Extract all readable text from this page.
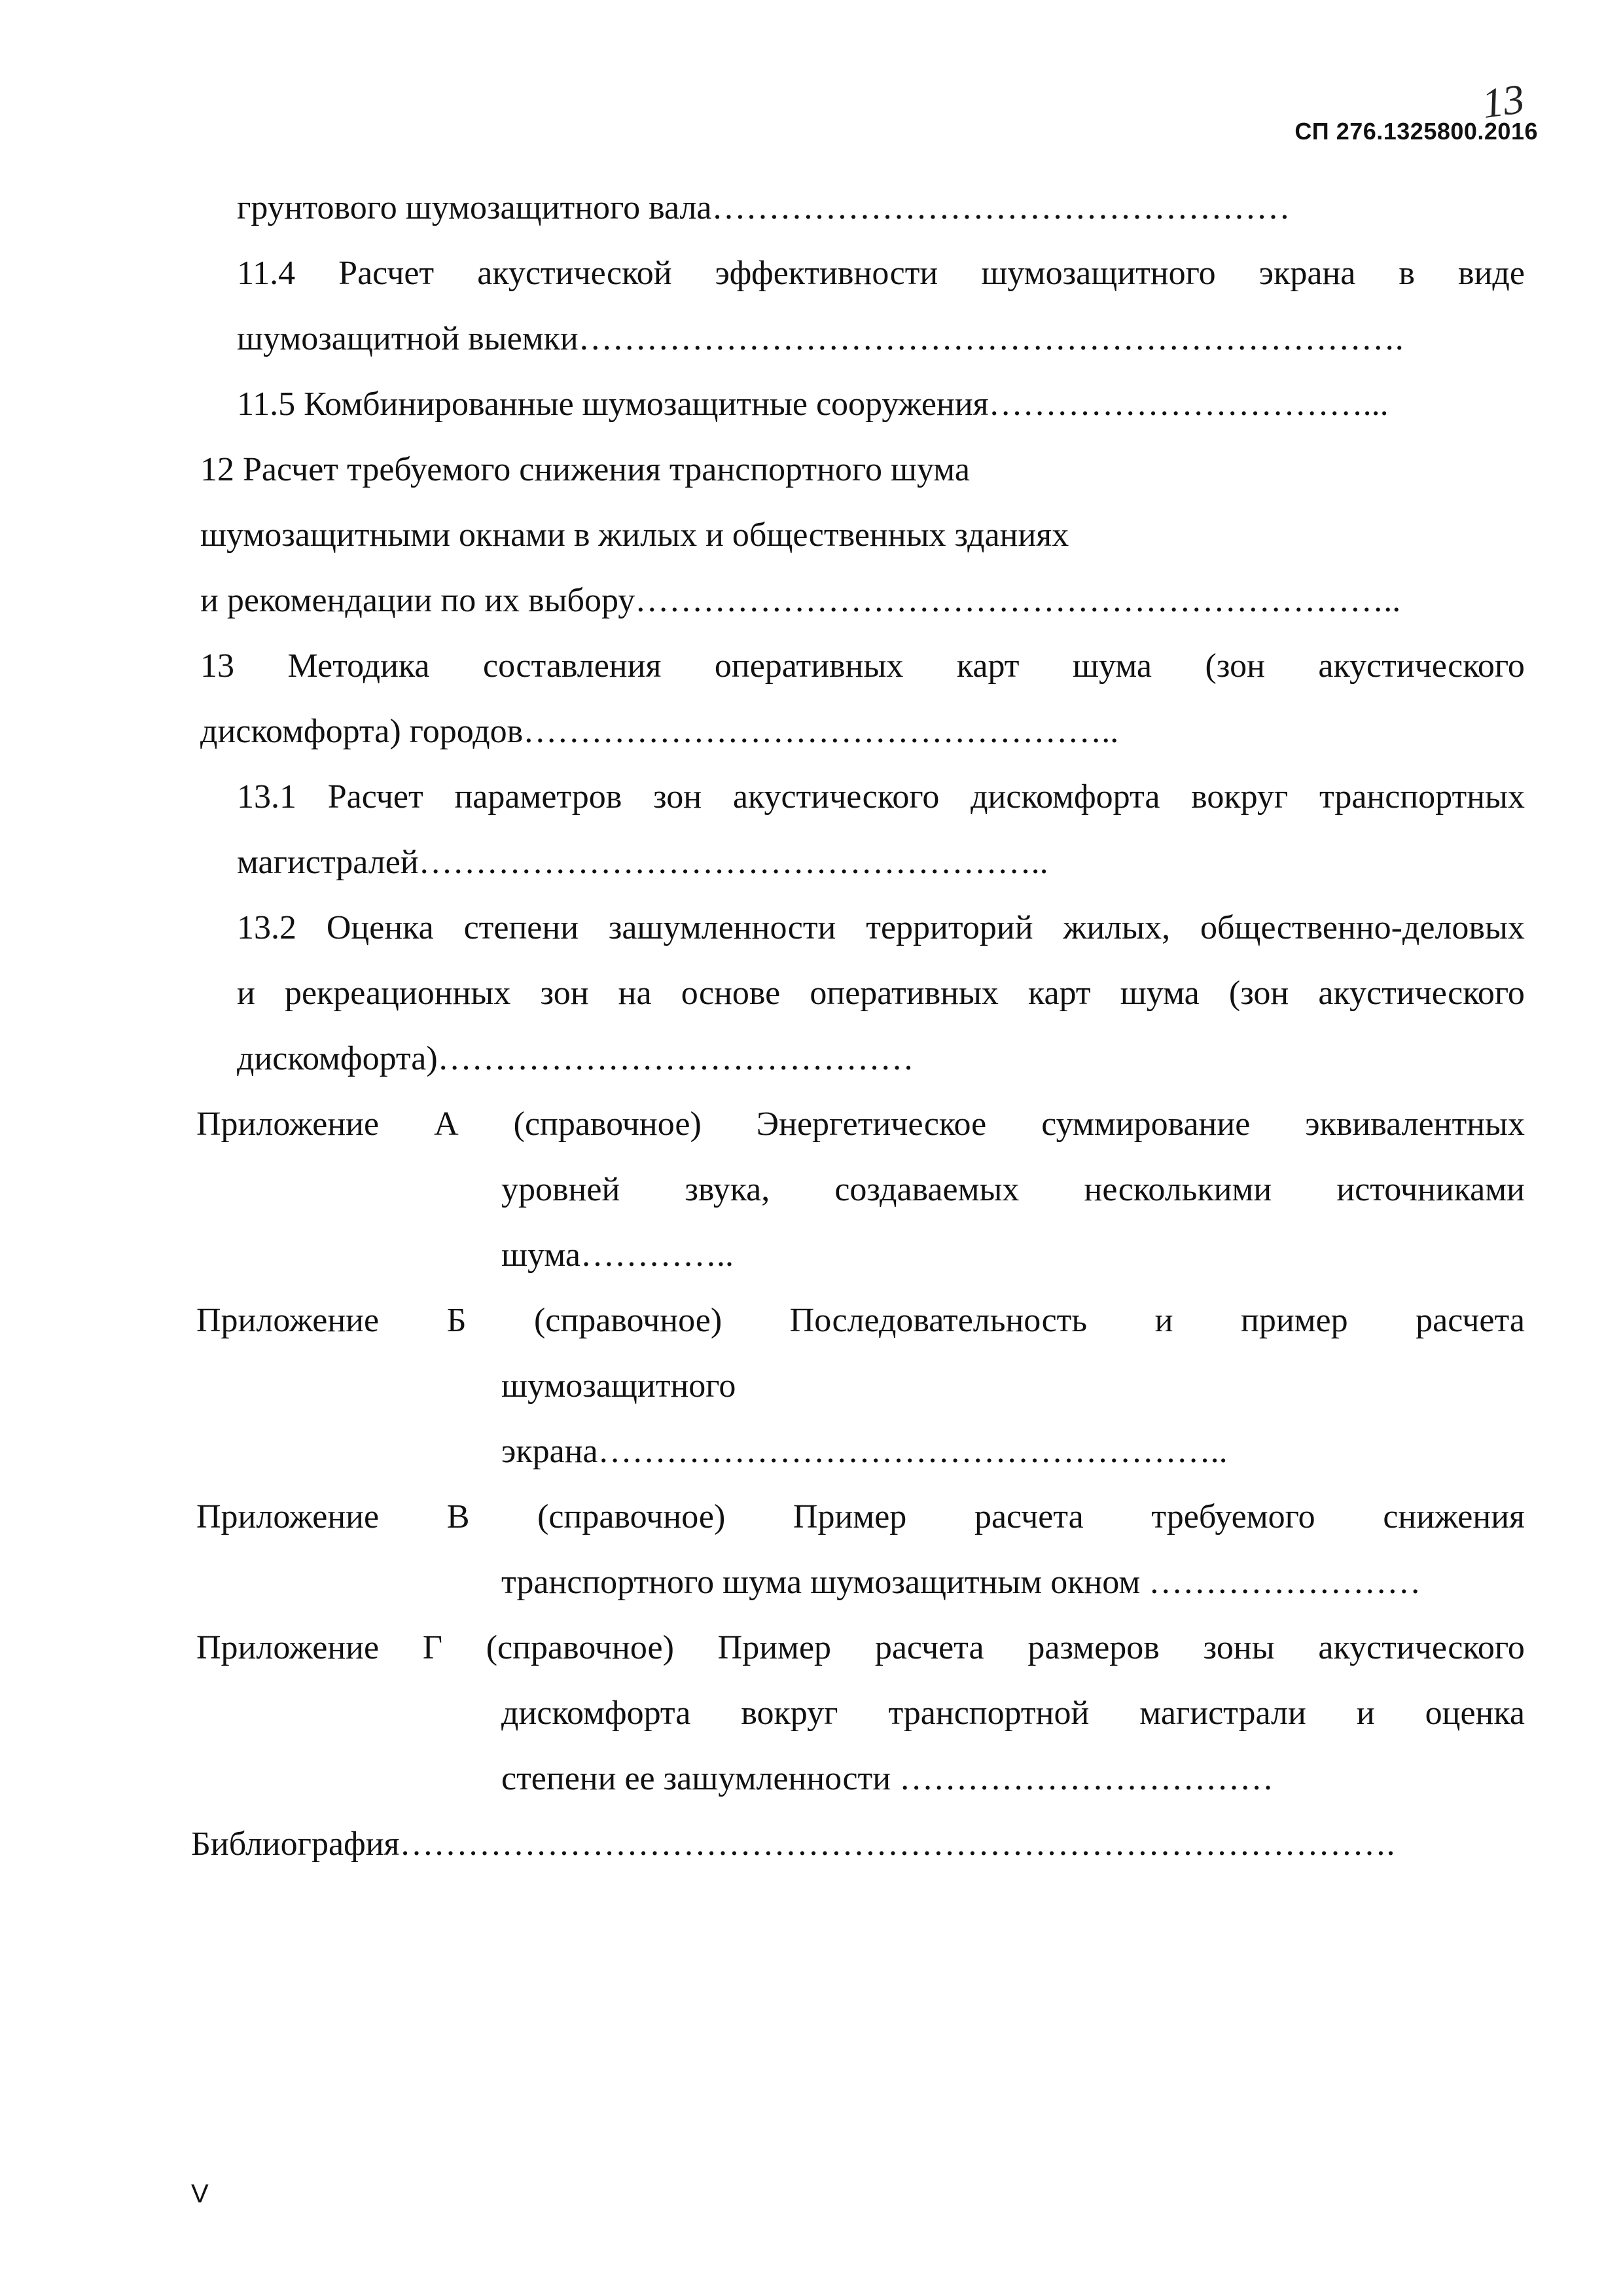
СП 276.1325800.2016
13
грунтового шумозащитного вала……………………………………………
11.4 Расчет акустической эффективности шумозащитного экрана в виде
шумозащитной выемки……………………………………………………………….
11.5 Комбинированные шумозащитные сооружения……………………………...
12 Расчет требуемого снижения транспортного шума
шумозащитными окнами в жилых и общественных зданиях
и рекомендации по их выбору…………………………………………………………..
13 Методика составления оперативных карт шума (зон акустического
дискомфорта) городов……………………………………………..
13.1 Расчет параметров зон акустического дискомфорта вокруг транспортных
магистралей………………………………………………..
13.2 Оценка степени зашумленности территорий жилых, общественно-деловых
и рекреационных зон на основе оперативных карт шума (зон акустического
дискомфорта)……………………………………
Приложение А (справочное) Энергетическое суммирование эквивалентных
уровней звука, создаваемых несколькими источниками
шума…………..
Приложение Б (справочное) Последовательность и пример расчета
шумозащитного
экрана………………………………………………..
Приложение В (справочное) Пример расчета требуемого снижения
транспортного шума шумозащитным окном ……………………
Приложение Г (справочное) Пример расчета размеров зоны акустического
дискомфорта вокруг транспортной магистрали и оценка
степени ее зашумленности ……………………………
Библиография…………………………………………………………………………….
V
